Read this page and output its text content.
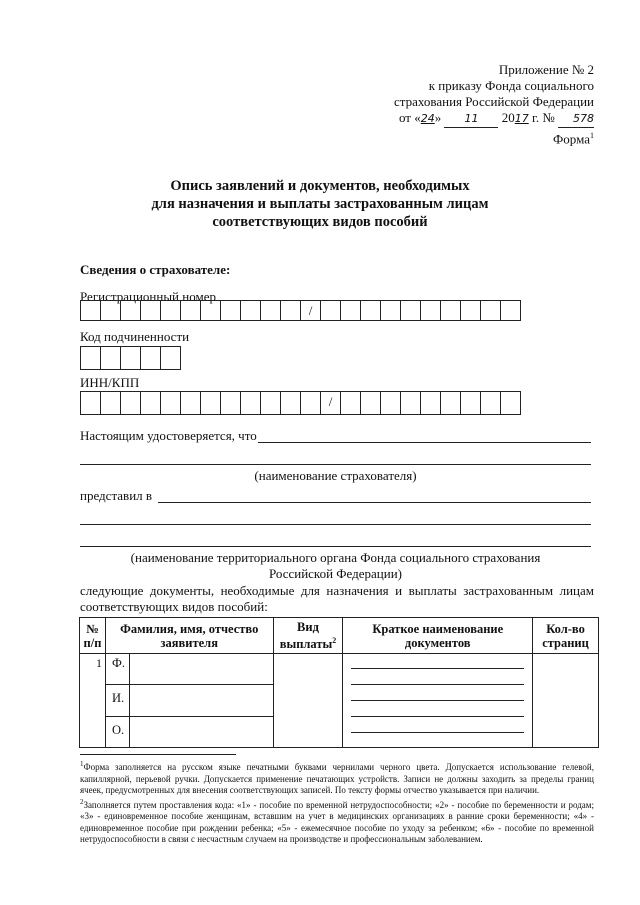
Приложение № 2
к приказу Фонда социального
страхования Российской Федерации
от «24» 11 2017 г. № 578
Форма$^1$
Опись заявлений и документов, необходимых
для назначения и выплаты застрахованным лицам
соответствующих видов пособий
Сведения о страхователе:
Регистрационный номер
/
Код подчиненности
ИНН/КПП
/
Настоящим удостоверяется, что
(наименование страхователя)
представил в
(наименование территориального органа Фонда социального страхования
Российской Федерации)
следующие документы, необходимые для назначения и выплаты застрахованным лицам соответствующих видов пособий:
№ п/п	Фамилия, имя, отчество заявителя	Вид выплаты$^2$	Краткое наименование документов	Кол-во страниц
1	Ф.
И.
О.			

$^1$Форма заполняется на русском языке печатными буквами чернилами черного цвета. Допускается использование гелевой, капиллярной, перьевой ручки. Допускается применение печатающих устройств. Записи не должны заходить за пределы границ ячеек, предусмотренных для внесения соответствующих записей. По тексту формы отчество указывается при наличии.
$^2$Заполняется путем проставления кода: «1» - пособие по временной нетрудоспособности; «2» - пособие по беременности и родам; «3» - единовременное пособие женщинам, вставшим на учет в медицинских организациях в ранние сроки беременности; «4» - единовременное пособие при рождении ребенка; «5» - ежемесячное пособие по уходу за ребенком; «6» - пособие по временной нетрудоспособности в связи с несчастным случаем на производстве и профессиональным заболеванием.
